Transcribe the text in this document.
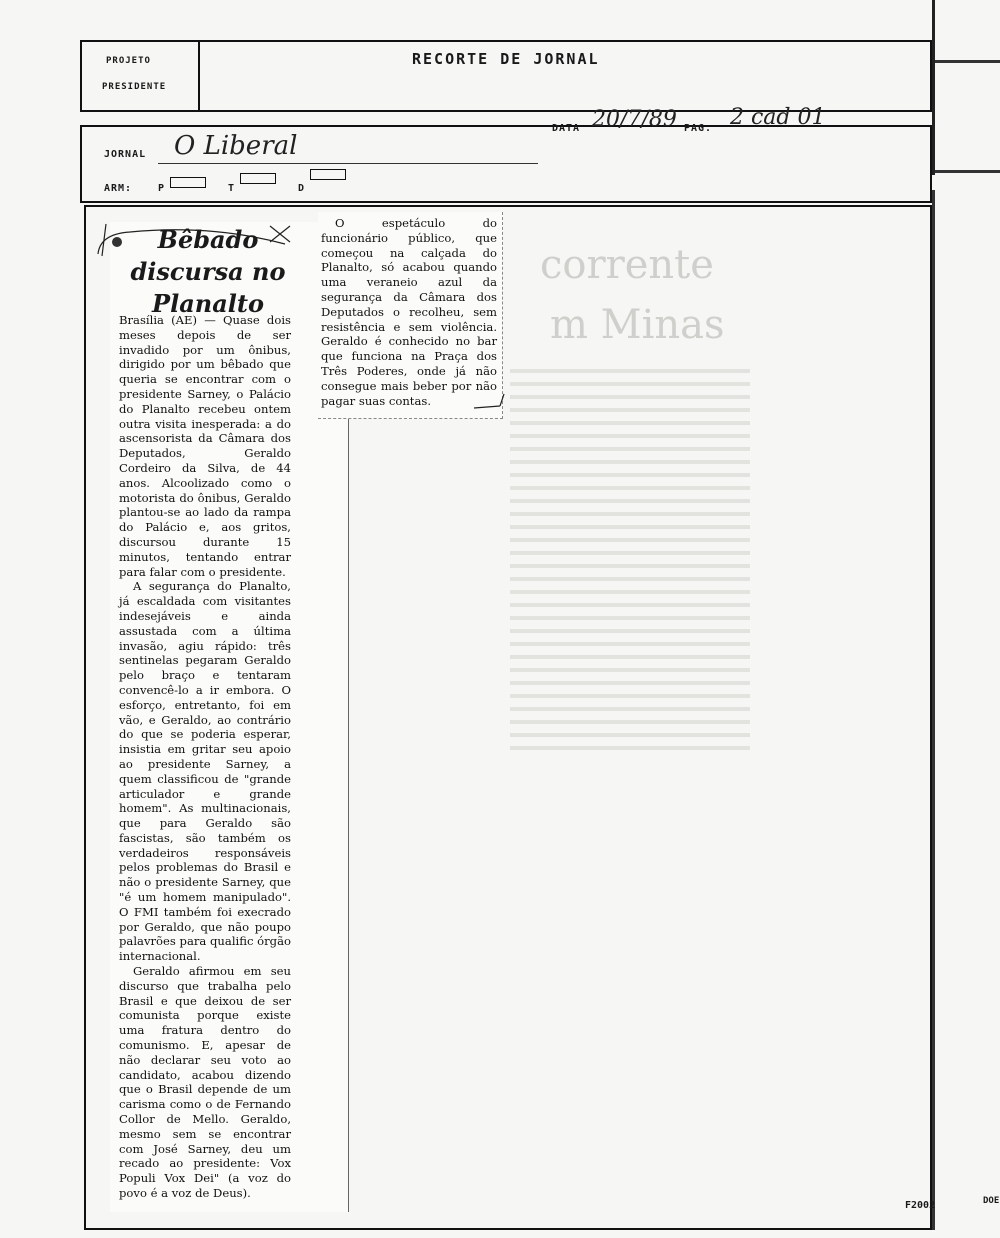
PROJETO
PRESIDENTE
RECORTE DE JORNAL
JORNAL O Liberal
DATA 20/7/89 PAG. 2 cad 01
ARM:	P	T	D
corrente
m Minas
Bêbado discursa no Planalto

Brasília (AE) — Quase dois meses depois de ser invadido por um ônibus, dirigido por um bêbado que queria se encontrar com o presidente Sarney, o Palácio do Planalto recebeu ontem outra visita inesperada: a do ascensorista da Câmara dos Deputados, Geraldo Cordeiro da Silva, de 44 anos. Alcoolizado como o motorista do ônibus, Geraldo plantou-se ao lado da rampa do Palácio e, aos gritos, discursou durante 15 minutos, tentando entrar para falar com o presidente.

A segurança do Planalto, já escaldada com visitantes indesejáveis e ainda assustada com a última invasão, agiu rápido: três sentinelas pegaram Geraldo pelo braço e tentaram convencê-lo a ir embora. O esforço, entretanto, foi em vão, e Geraldo, ao contrário do que se poderia esperar, insistia em gritar seu apoio ao presidente Sarney, a quem classificou de "grande articulador e grande homem". As multinacionais, que para Geraldo são fascistas, são também os verdadeiros responsáveis pelos problemas do Brasil e não o presidente Sarney, que "é um homem manipulado". O FMI também foi execrado por Geraldo, que não poupo palavrões para qualific órgão internacional.

Geraldo afirmou em seu discurso que trabalha pelo Brasil e que deixou de ser comunista porque existe uma fratura dentro do comunismo. E, apesar de não declarar seu voto ao candidato, acabou dizendo que o Brasil depende de um carisma como o de Fernando Collor de Mello. Geraldo, mesmo sem se encontrar com José Sarney, deu um recado ao presidente: Vox Populi Vox Dei" (a voz do povo é a voz de Deus).

O espetáculo do funcionário público, que começou na calçada do Planalto, só acabou quando uma veraneio azul da segurança da Câmara dos Deputados o recolheu, sem resistência e sem violência. Geraldo é conhecido no bar que funciona na Praça dos Três Poderes, onde já não consegue mais beber por não pagar suas contas.

F2002	DOE
